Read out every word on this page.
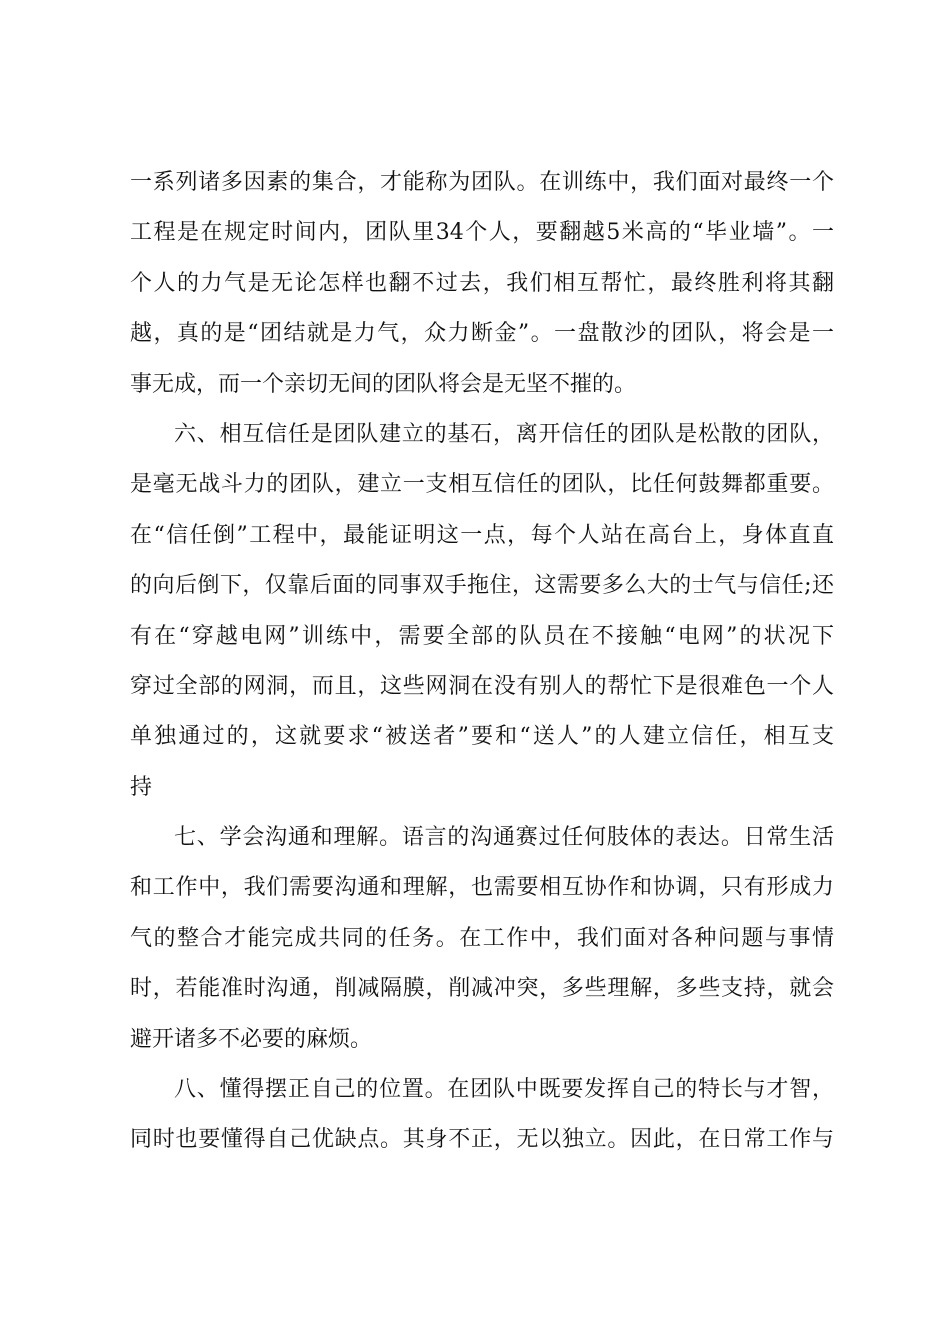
一系列诸多因素的集合，才能称为团队。在训练中，我们面对最终一个
工程是在规定时间内，团队里34个人，要翻越5米高的“毕业墙”。一
个人的力气是无论怎样也翻不过去，我们相互帮忙，最终胜利将其翻
越，真的是“团结就是力气，众力断金”。一盘散沙的团队，将会是一
事无成，而一个亲切无间的团队将会是无坚不摧的。
六、相互信任是团队建立的基石，离开信任的团队是松散的团队，
是毫无战斗力的团队，建立一支相互信任的团队，比任何鼓舞都重要。
在“信任倒”工程中，最能证明这一点，每个人站在高台上，身体直直
的向后倒下，仅靠后面的同事双手拖住，这需要多么大的士气与信任;还
有在“穿越电网”训练中，需要全部的队员在不接触“电网”的状况下
穿过全部的网洞，而且，这些网洞在没有别人的帮忙下是很难色一个人
单独通过的，这就要求“被送者”要和“送人”的人建立信任，相互支
持
七、学会沟通和理解。语言的沟通赛过任何肢体的表达。日常生活
和工作中，我们需要沟通和理解，也需要相互协作和协调，只有形成力
气的整合才能完成共同的任务。在工作中，我们面对各种问题与事情
时，若能准时沟通，削减隔膜，削减冲突，多些理解，多些支持，就会
避开诸多不必要的麻烦。
八、懂得摆正自己的位置。在团队中既要发挥自己的特长与才智，
同时也要懂得自己优缺点。其身不正，无以独立。因此，在日常工作与
